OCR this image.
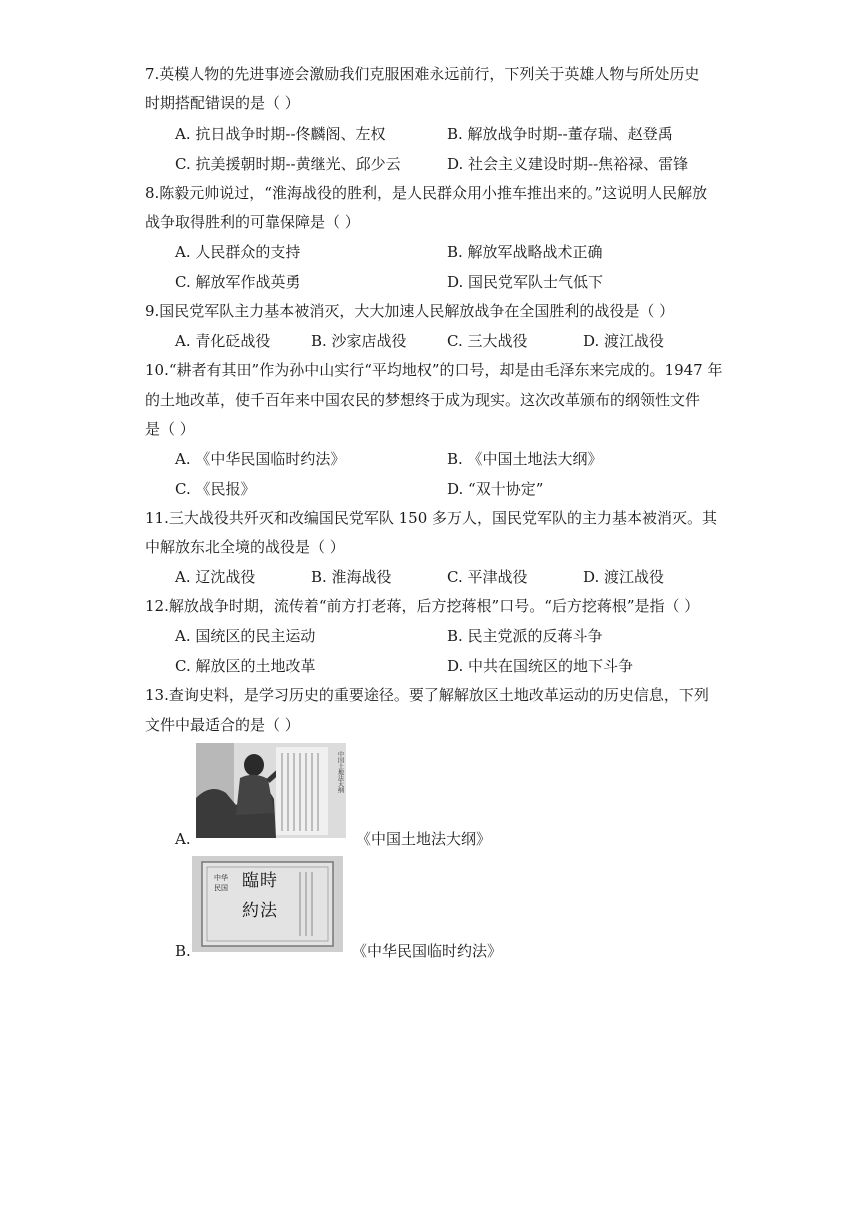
7.英模人物的先进事迹会激励我们克服困难永远前行，下列关于英雄人物与所处历史
时期搭配错误的是（ ）
A. 抗日战争时期--佟麟阁、左权	B. 解放战争时期--董存瑞、赵登禹
C. 抗美援朝时期--黄继光、邱少云	D. 社会主义建设时期--焦裕禄、雷锋
8.陈毅元帅说过，“淮海战役的胜利，是人民群众用小推车推出来的。”这说明人民解放
战争取得胜利的可靠保障是（ ）
A. 人民群众的支持	B. 解放军战略战术正确
C. 解放军作战英勇	D. 国民党军队士气低下
9.国民党军队主力基本被消灭，大大加速人民解放战争在全国胜利的战役是（ ）
A. 青化砭战役	B. 沙家店战役	C. 三大战役	D. 渡江战役
10.“耕者有其田”作为孙中山实行“平均地权”的口号，却是由毛泽东来完成的。1947 年
的土地改革，使千百年来中国农民的梦想终于成为现实。这次改革颁布的纲领性文件
是（ ）
A. 《中华民国临时约法》	B. 《中国土地法大纲》
C. 《民报》	D. “双十协定”
11.三大战役共歼灭和改编国民党军队 150 多万人，国民党军队的主力基本被消灭。其
中解放东北全境的战役是（ ）
A. 辽沈战役	B. 淮海战役	C. 平津战役	D. 渡江战役
12.解放战争时期，流传着“前方打老蒋，后方挖蒋根”口号。“后方挖蒋根”是指（ ）
A. 国统区的民主运动	B. 民主党派的反蒋斗争
C. 解放区的土地改革	D. 中共在国统区的地下斗争
13.查询史料，是学习历史的重要途径。要了解解放区土地改革运动的历史信息，下列
文件中最适合的是（ ）
A.
中国土地法大纲
《中国土地法大纲》
B.
中华
民国 臨 時
約 法
《中华民国临时约法》
